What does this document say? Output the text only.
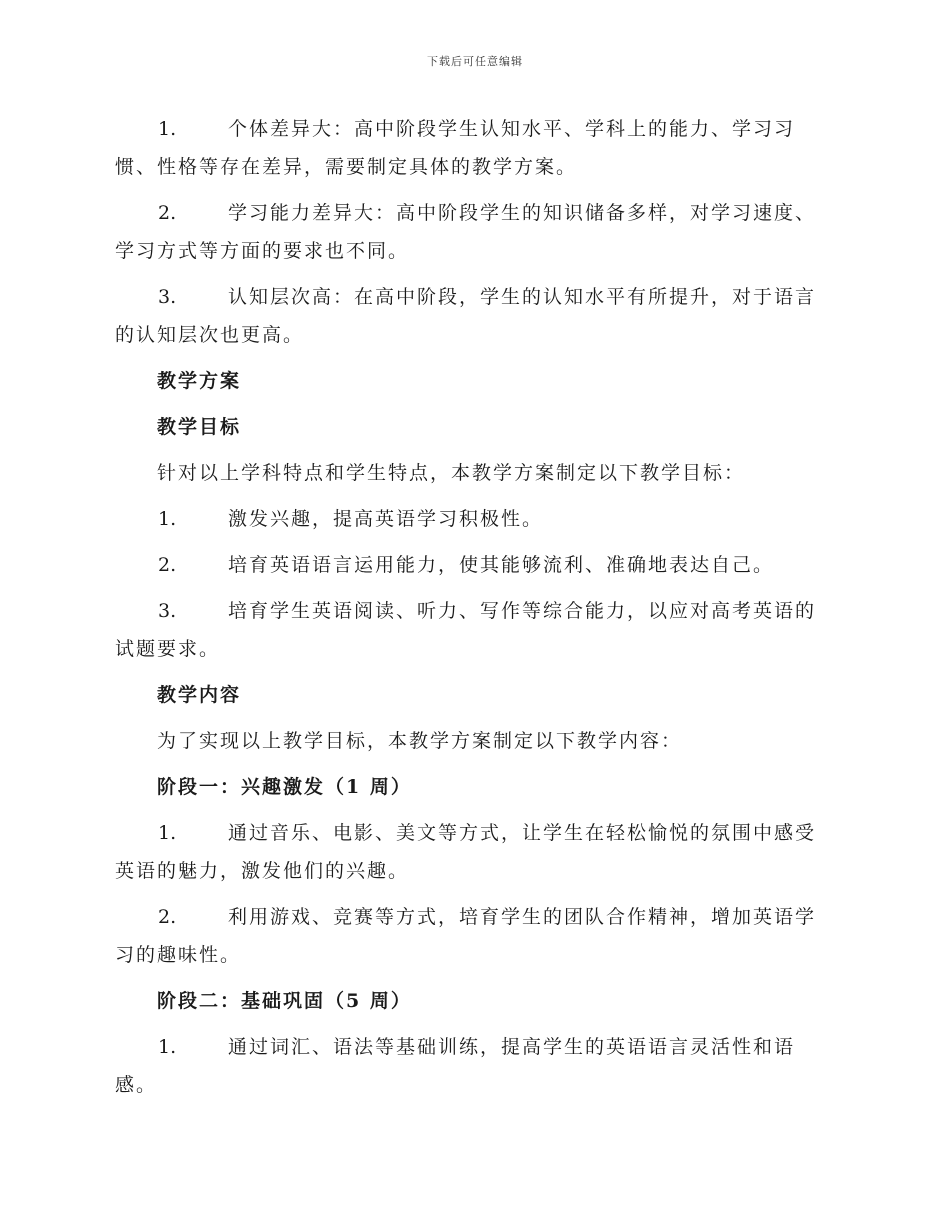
下载后可任意编辑
1.	个体差异大：高中阶段学生认知水平、学科上的能力、学习习惯、性格等存在差异，需要制定具体的教学方案。
2.	学习能力差异大：高中阶段学生的知识储备多样，对学习速度、学习方式等方面的要求也不同。
3.	认知层次高：在高中阶段，学生的认知水平有所提升，对于语言的认知层次也更高。
教学方案
教学目标
针对以上学科特点和学生特点，本教学方案制定以下教学目标：
1.	激发兴趣，提高英语学习积极性。
2.	培育英语语言运用能力，使其能够流利、准确地表达自己。
3.	培育学生英语阅读、听力、写作等综合能力，以应对高考英语的试题要求。
教学内容
为了实现以上教学目标，本教学方案制定以下教学内容：
阶段一：兴趣激发（1 周）
1.	通过音乐、电影、美文等方式，让学生在轻松愉悦的氛围中感受英语的魅力，激发他们的兴趣。
2.	利用游戏、竞赛等方式，培育学生的团队合作精神，增加英语学习的趣味性。
阶段二：基础巩固（5 周）
1.	通过词汇、语法等基础训练，提高学生的英语语言灵活性和语感。
